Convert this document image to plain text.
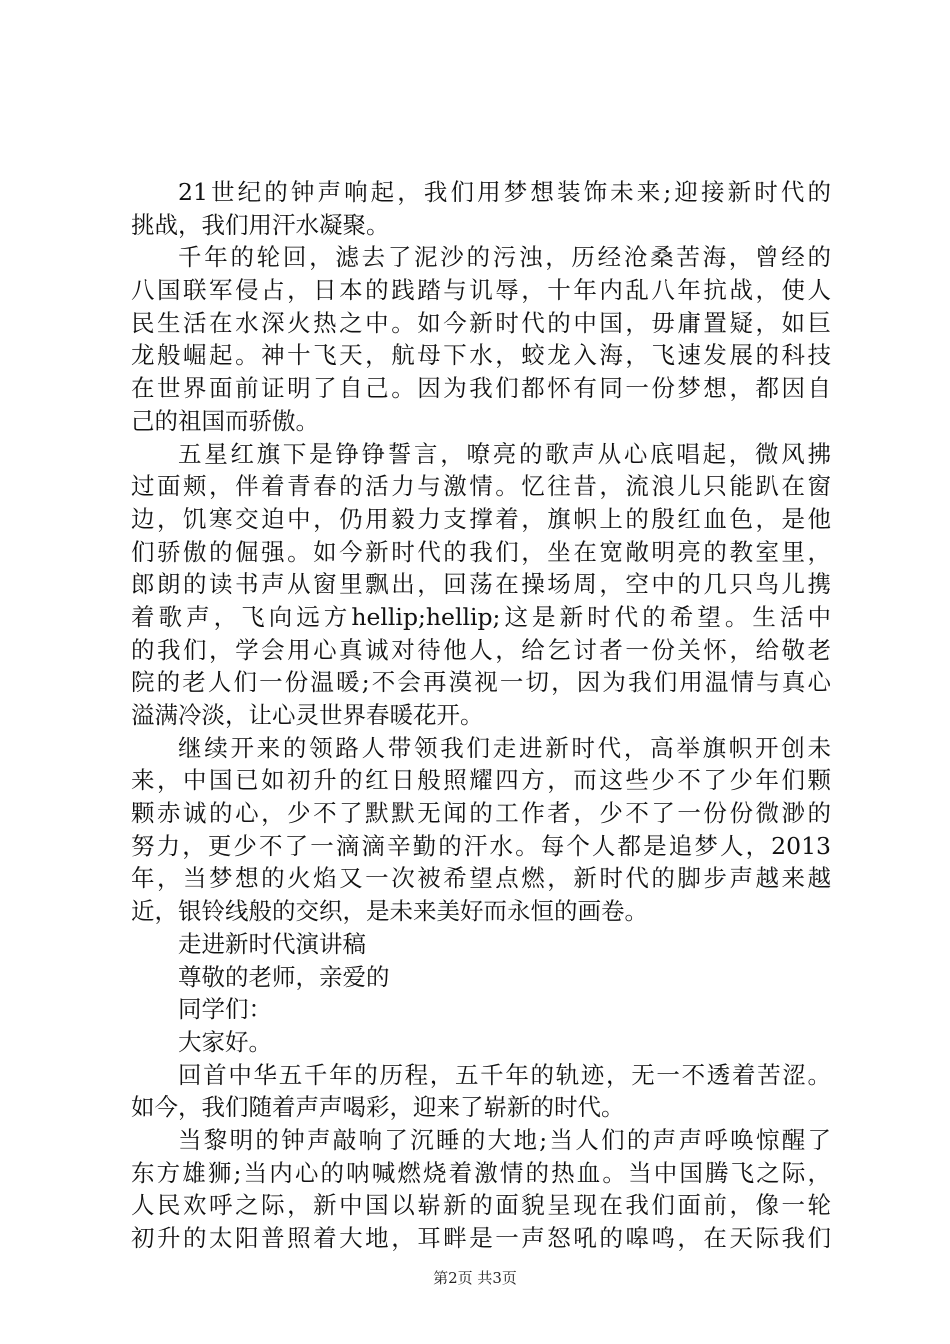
21世纪的钟声响起，我们用梦想装饰未来;迎接新时代的
挑战，我们用汗水凝聚。
千年的轮回，滤去了泥沙的污浊，历经沧桑苦海，曾经的
八国联军侵占，日本的践踏与讥辱，十年内乱八年抗战，使人
民生活在水深火热之中。如今新时代的中国，毋庸置疑，如巨
龙般崛起。神十飞天，航母下水，蛟龙入海，飞速发展的科技
在世界面前证明了自己。因为我们都怀有同一份梦想，都因自
己的祖国而骄傲。
五星红旗下是铮铮誓言，嘹亮的歌声从心底唱起，微风拂
过面颊，伴着青春的活力与激情。忆往昔，流浪儿只能趴在窗
边，饥寒交迫中，仍用毅力支撑着，旗帜上的殷红血色，是他
们骄傲的倔强。如今新时代的我们，坐在宽敞明亮的教室里，
郎朗的读书声从窗里飘出，回荡在操场周，空中的几只鸟儿携
着歌声，飞向远方hellip;hellip;这是新时代的希望。生活中
的我们，学会用心真诚对待他人，给乞讨者一份关怀，给敬老
院的老人们一份温暖;不会再漠视一切，因为我们用温情与真心
溢满冷淡，让心灵世界春暖花开。
继续开来的领路人带领我们走进新时代，高举旗帜开创未
来，中国已如初升的红日般照耀四方，而这些少不了少年们颗
颗赤诚的心，少不了默默无闻的工作者，少不了一份份微渺的
努力，更少不了一滴滴辛勤的汗水。每个人都是追梦人，2013
年，当梦想的火焰又一次被希望点燃，新时代的脚步声越来越
近，银铃线般的交织，是未来美好而永恒的画卷。
走进新时代演讲稿
尊敬的老师，亲爱的
同学们：
大家好。
回首中华五千年的历程，五千年的轨迹，无一不透着苦涩。
如今，我们随着声声喝彩，迎来了崭新的时代。
当黎明的钟声敲响了沉睡的大地;当人们的声声呼唤惊醒了
东方雄狮;当内心的呐喊燃烧着激情的热血。当中国腾飞之际，
人民欢呼之际，新中国以崭新的面貌呈现在我们面前，像一轮
初升的太阳普照着大地，耳畔是一声怒吼的嗥鸣，在天际我们
第2页 共3页
